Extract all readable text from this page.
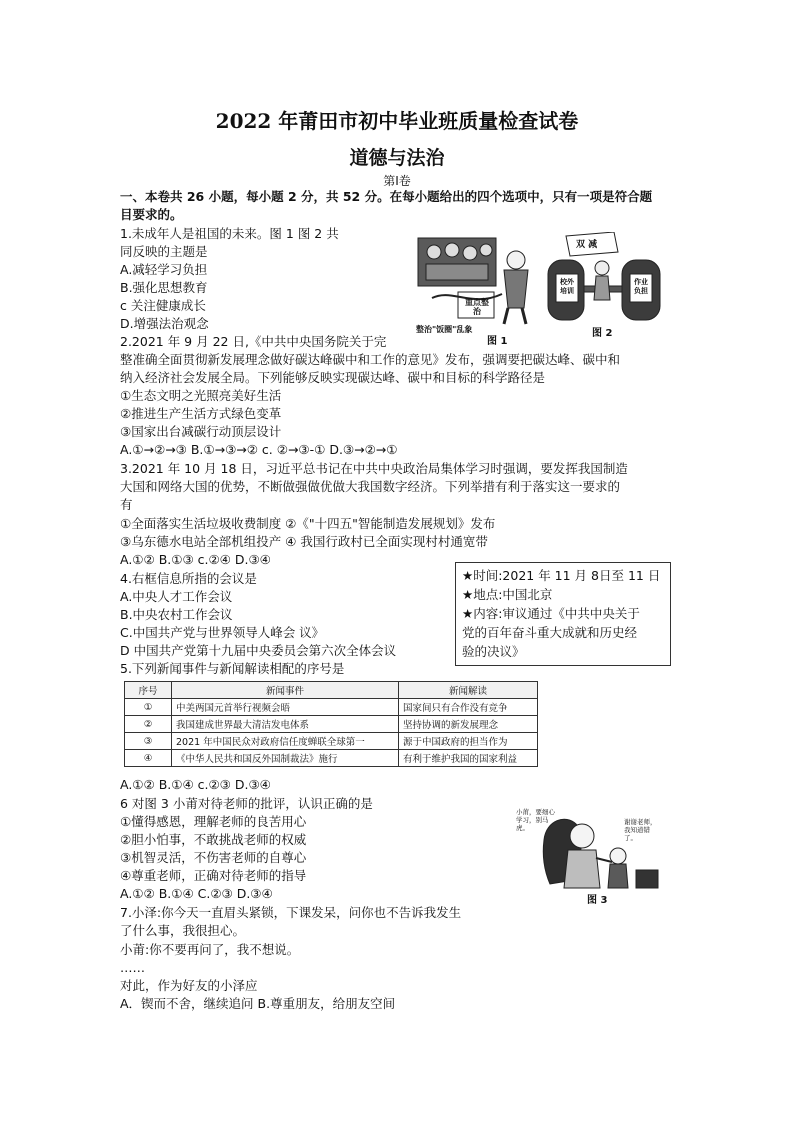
2022 年莆田市初中毕业班质量检查试卷
道德与法治
第Ⅰ卷
一、本卷共 26 小题，每小题 2 分，共 52 分。在每小题给出的四个选项中，只有一项是符合题
目要求的。
1.未成年人是祖国的未来。图 1 图 2 共
同反映的主题是
A.减轻学习负担
B.强化思想教育
c 关注健康成长
D.增强法治观念
重点整治
整治"饭圈"乱象
图 1
双 减
校外培训
作业负担
图 2
2.2021 年 9 月 22 日,《中共中央国务院关于完
整准确全面贯彻新发展理念做好碳达峰碳中和工作的意见》发布，强调要把碳达峰、碳中和
纳入经济社会发展全局。下列能够反映实现碳达峰、碳中和目标的科学路径是
①生态文明之光照亮美好生活
②推进生产生活方式绿色变革
③国家出台减碳行动顶层设计
A.①→②→③ B.①→③→② c. ②→③-① D.③→②→①
3.2021 年 10 月 18 日，习近平总书记在中共中央政治局集体学习时强调，要发挥我国制造
大国和网络大国的优势，不断做强做优做大我国数字经济。下列举措有利于落实这一要求的
有
①全面落实生活垃圾收费制度 ②《"十四五"智能制造发展规划》发布
③乌东德水电站全部机组投产 ④ 我国行政村已全面实现村村通宽带
A.①② B.①③ c.②④ D.③④
4.右框信息所指的会议是
A.中央人才工作会议
B.中央农村工作会议
C.中国共产党与世界领导人峰会 议》
D 中国共产党第十九届中央委员会第六次全体会议
★时间:2021 年 11 月 8日至 11 日
★地点:中国北京
★内容:审议通过《中共中央关于
党的百年奋斗重大成就和历史经
验的决议》
5.下列新闻事件与新闻解读相配的序号是
序号	新闻事件	新闻解读
①	中美两国元首举行视频会晤	国家间只有合作没有竞争
②	我国建成世界最大清洁发电体系	坚持协调的新发展理念
③	2021 年中国民众对政府信任度蝉联全球第一	源于中国政府的担当作为
④	《中华人民共和国反外国制裁法》施行	有利于维护我国的国家利益
A.①② B.①④ c.②③ D.③④
6 对图 3 小莆对待老师的批评，认识正确的是
①懂得感恩，理解老师的良苦用心
②胆小怕事，不敢挑战老师的权威
③机智灵活，不伤害老师的自尊心
④尊重老师，正确对待老师的指导
A.①② B.①④ C.②③ D.③④
小莆，要细心学习，别马虎。
谢谢老师，我知道错了。
图 3
7.小泽:你今天一直眉头紧锁，下课发呆，问你也不告诉我发生
了什么事，我很担心。
小莆:你不要再问了，我不想说。
……
对此，作为好友的小泽应
A．锲而不舍，继续追问 B.尊重朋友，给朋友空间
